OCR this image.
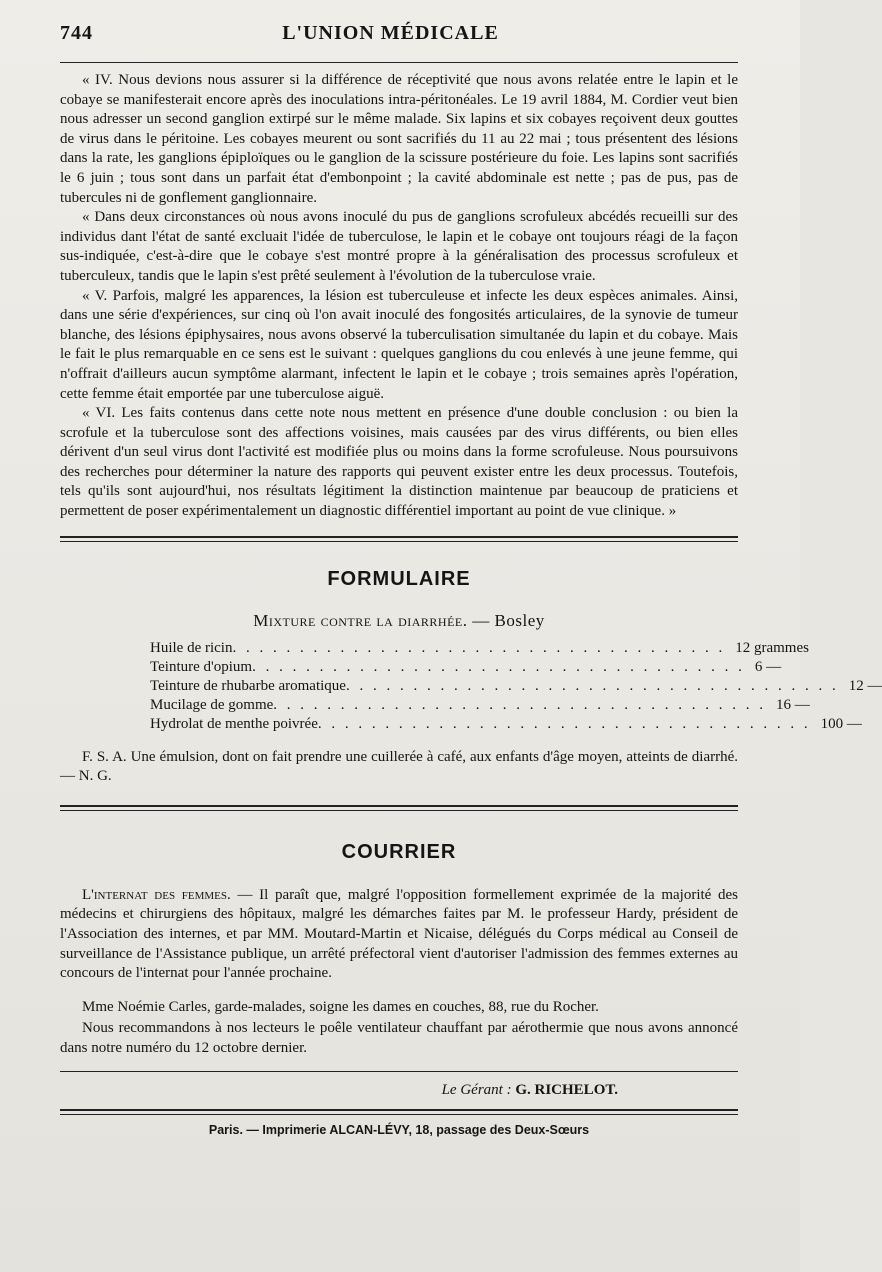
744	L'UNION MÉDICALE

« IV. Nous devions nous assurer si la différence de réceptivité que nous avons relatée entre le lapin et le cobaye se manifesterait encore après des inoculations intra-péritonéales. Le 19 avril 1884, M. Cordier veut bien nous adresser un second ganglion extirpé sur le même malade. Six lapins et six cobayes reçoivent deux gouttes de virus dans le péritoine. Les cobayes meurent ou sont sacrifiés du 11 au 22 mai ; tous présentent des lésions dans la rate, les ganglions épiploïques ou le ganglion de la scissure postérieure du foie. Les lapins sont sacrifiés le 6 juin ; tous sont dans un parfait état d'embonpoint ; la cavité abdominale est nette ; pas de pus, pas de tubercules ni de gonflement ganglionnaire.

« Dans deux circonstances où nous avons inoculé du pus de ganglions scrofuleux abcédés recueilli sur des individus dant l'état de santé excluait l'idée de tuberculose, le lapin et le cobaye ont toujours réagi de la façon sus-indiquée, c'est-à-dire que le cobaye s'est montré propre à la généralisation des processus scrofuleux et tuberculeux, tandis que le lapin s'est prêté seulement à l'évolution de la tuberculose vraie.

« V. Parfois, malgré les apparences, la lésion est tuberculeuse et infecte les deux espèces animales. Ainsi, dans une série d'expériences, sur cinq où l'on avait inoculé des fongosités articulaires, de la synovie de tumeur blanche, des lésions épiphysaires, nous avons observé la tuberculisation simultanée du lapin et du cobaye. Mais le fait le plus remarquable en ce sens est le suivant : quelques ganglions du cou enlevés à une jeune femme, qui n'offrait d'ailleurs aucun symptôme alarmant, infectent le lapin et le cobaye ; trois semaines après l'opération, cette femme était emportée par une tuberculose aiguë.

« VI. Les faits contenus dans cette note nous mettent en présence d'une double conclusion : ou bien la scrofule et la tuberculose sont des affections voisines, mais causées par des virus différents, ou bien elles dérivent d'un seul virus dont l'activité est modifiée plus ou moins dans la forme scrofuleuse. Nous poursuivons des recherches pour déterminer la nature des rapports qui peuvent exister entre les deux processus. Toutefois, tels qu'ils sont aujourd'hui, nos résultats légitiment la distinction maintenue par beaucoup de praticiens et permettent de poser expérimentalement un diagnostic différentiel important au point de vue clinique. »

FORMULAIRE
Mixture contre la diarrhée. — Bosley
Huile de ricin . . . . . . . . . . . . . . . . . . . . . . . . . . . . . . . . . . . . . 12 grammes
Teinture d'opium . . . . . . . . . . . . . . . . . . . . . . . . . . . . . . . . . . . . . 6 —
Teinture de rhubarbe aromatique . . . . . . . . . . . . . . . . . . . . . . . . . . . . . . . . . . . . . 12 —
Mucilage de gomme . . . . . . . . . . . . . . . . . . . . . . . . . . . . . . . . . . . . . 16 —
Hydrolat de menthe poivrée . . . . . . . . . . . . . . . . . . . . . . . . . . . . . . . . . . . . . 100 —

F. S. A. Une émulsion, dont on fait prendre une cuillerée à café, aux enfants d'âge moyen, atteints de diarrhé. — N. G.

COURRIER

L'internat des femmes. — Il paraît que, malgré l'opposition formellement exprimée de la majorité des médecins et chirurgiens des hôpitaux, malgré les démarches faites par M. le professeur Hardy, président de l'Association des internes, et par MM. Moutard-Martin et Nicaise, délégués du Corps médical au Conseil de surveillance de l'Assistance publique, un arrêté préfectoral vient d'autoriser l'admission des femmes externes au concours de l'internat pour l'année prochaine.

Mme Noémie Carles, garde-malades, soigne les dames en couches, 88, rue du Rocher.

Nous recommandons à nos lecteurs le poêle ventilateur chauffant par aérothermie que nous avons annoncé dans notre numéro du 12 octobre dernier.

Le Gérant : G. RICHELOT.
Paris. — Imprimerie ALCAN-LÉVY, 18, passage des Deux-Sœurs
